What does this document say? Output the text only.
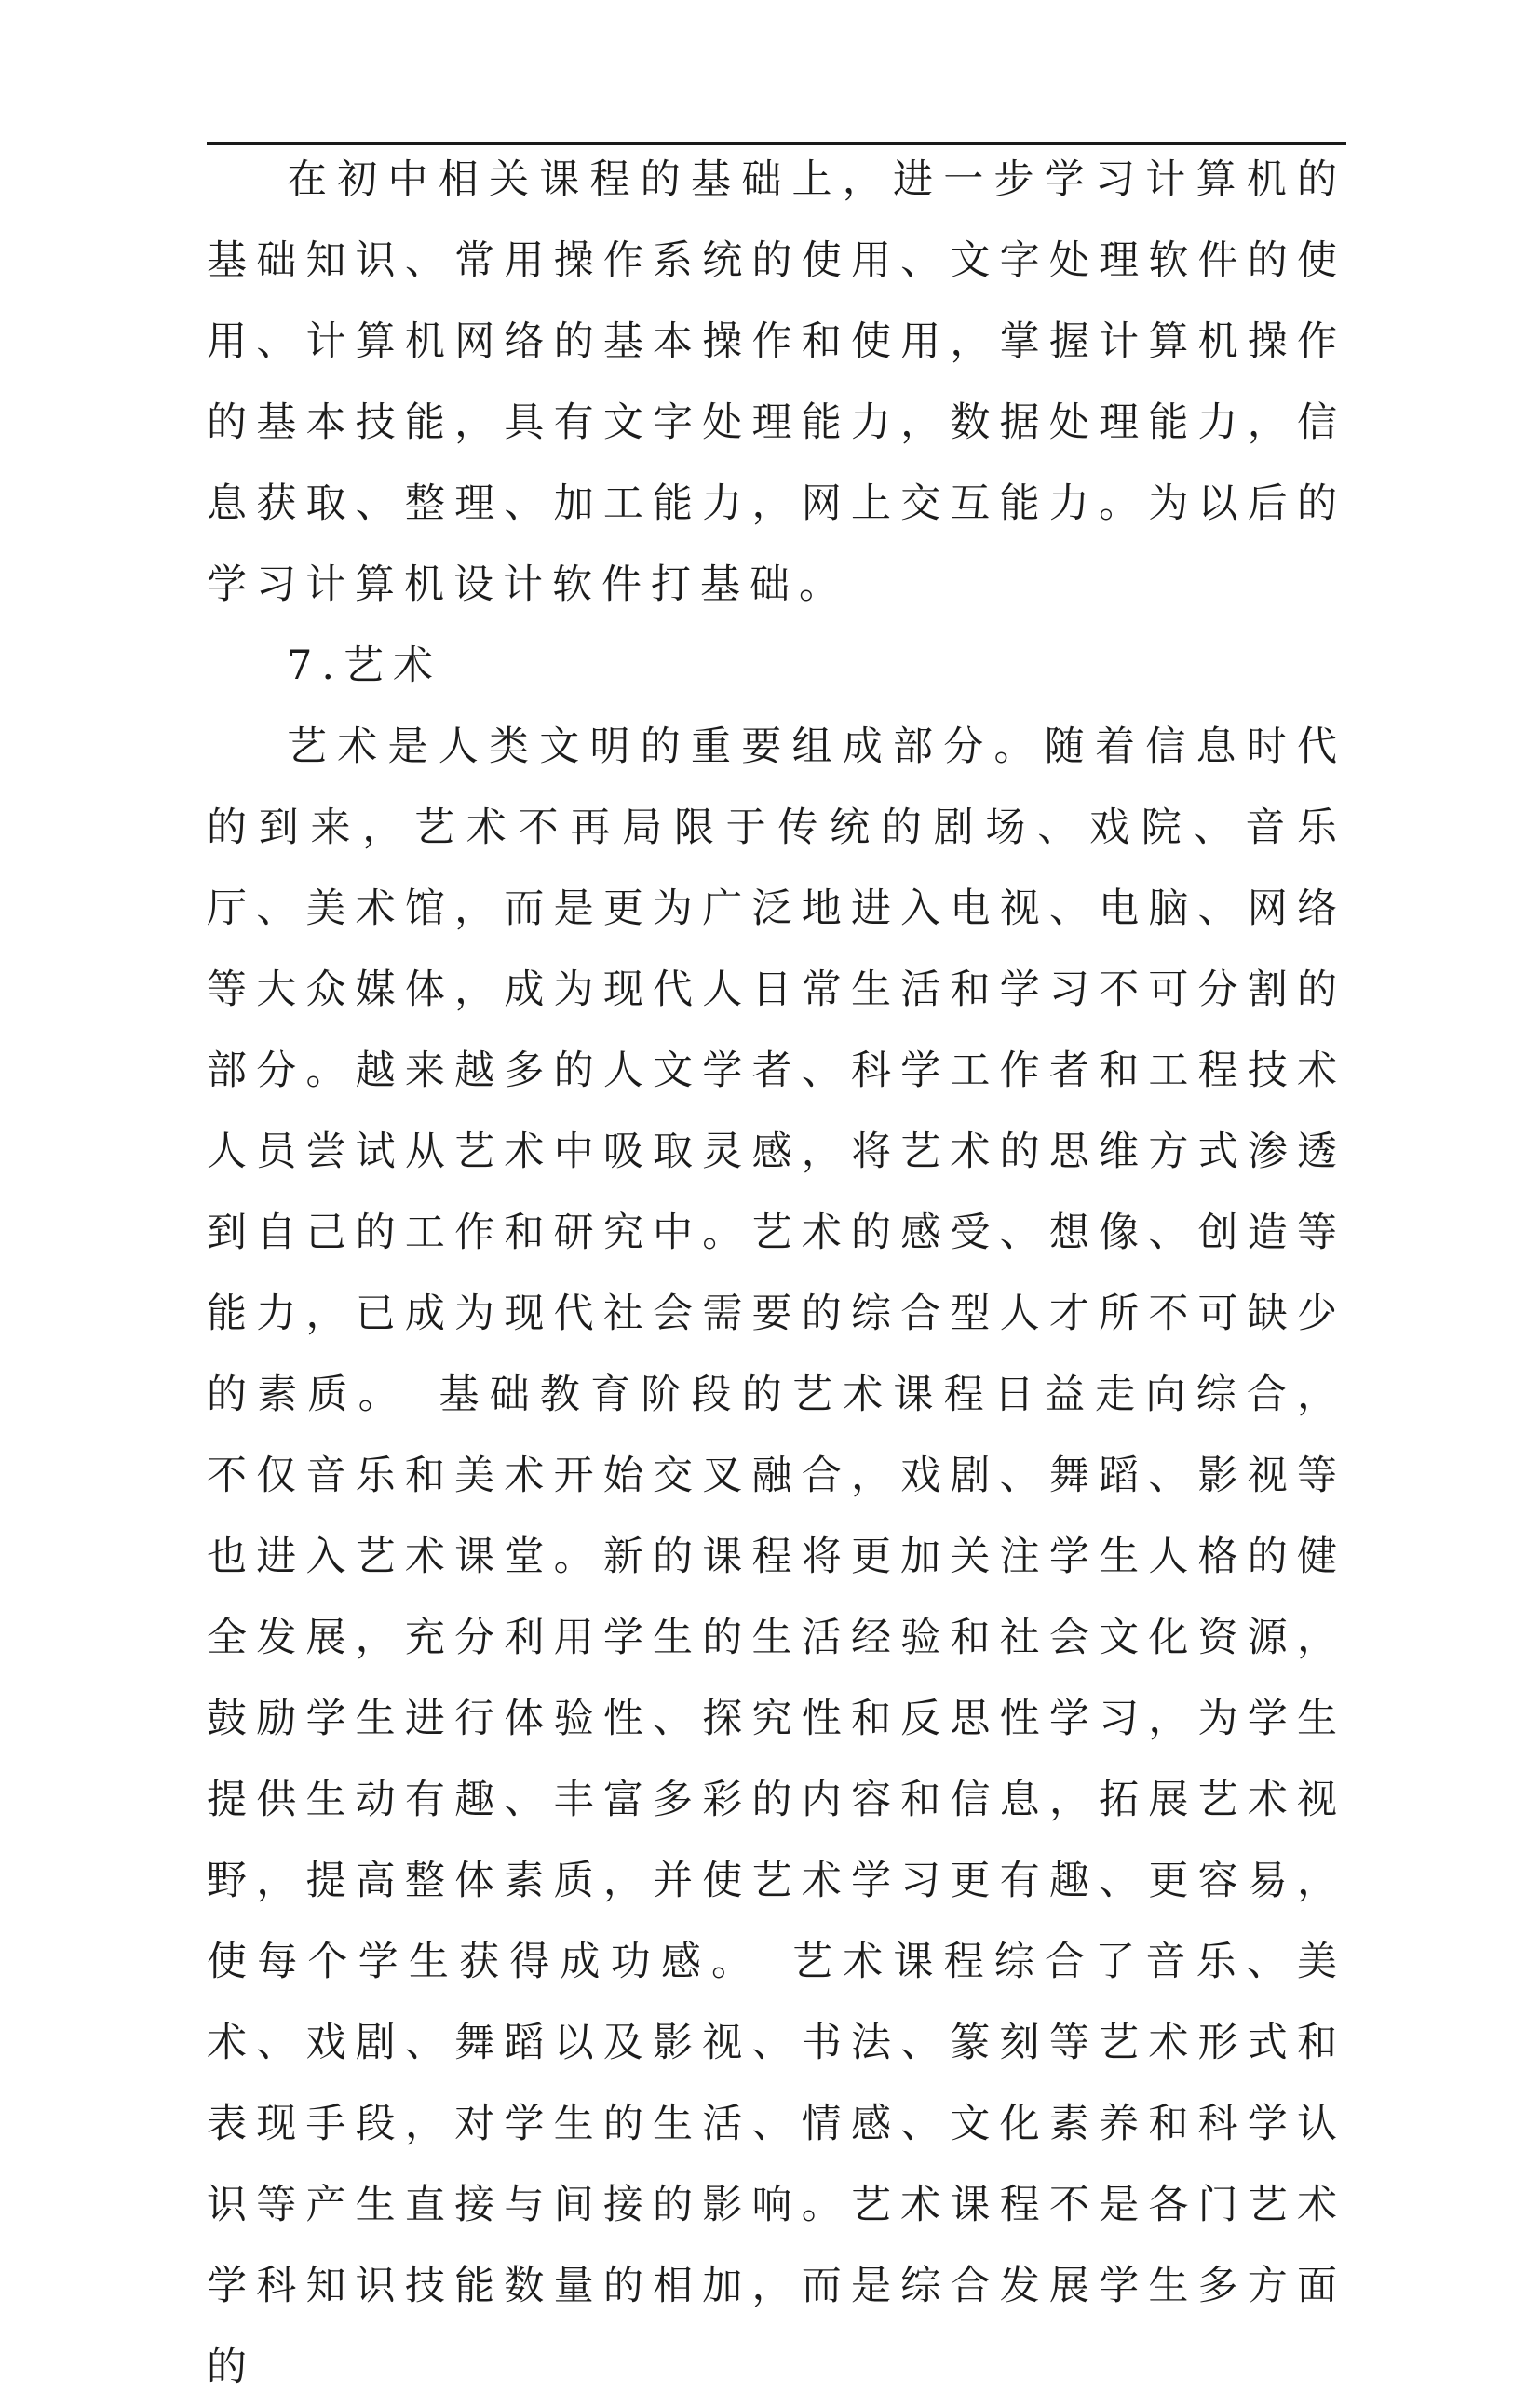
在初中相关课程的基础上，进一步学习计算机的基础知识、常用操作系统的使用、文字处理软件的使用、计算机网络的基本操作和使用，掌握计算机操作的基本技能，具有文字处理能力，数据处理能力，信息获取、整理、加工能力，网上交互能力。为以后的学习计算机设计软件打基础。

7.艺术

艺术是人类文明的重要组成部分。随着信息时代的到来，艺术不再局限于传统的剧场、戏院、音乐厅、美术馆，而是更为广泛地进入电视、电脑、网络等大众媒体，成为现代人日常生活和学习不可分割的部分。越来越多的人文学者、科学工作者和工程技术人员尝试从艺术中吸取灵感，将艺术的思维方式渗透到自己的工作和研究中。艺术的感受、想像、创造等能力，已成为现代社会需要的综合型人才所不可缺少的素质。　基础教育阶段的艺术课程日益走向综合，不仅音乐和美术开始交叉融合，戏剧、舞蹈、影视等也进入艺术课堂。新的课程将更加关注学生人格的健全发展，充分利用学生的生活经验和社会文化资源，鼓励学生进行体验性、探究性和反思性学习，为学生提供生动有趣、丰富多彩的内容和信息，拓展艺术视野，提高整体素质，并使艺术学习更有趣、更容易，使每个学生获得成功感。　艺术课程综合了音乐、美术、戏剧、舞蹈以及影视、书法、篆刻等艺术形式和表现手段，对学生的生活、情感、文化素养和科学认识等产生直接与间接的影响。艺术课程不是各门艺术学科知识技能数量的相加，而是综合发展学生多方面的
